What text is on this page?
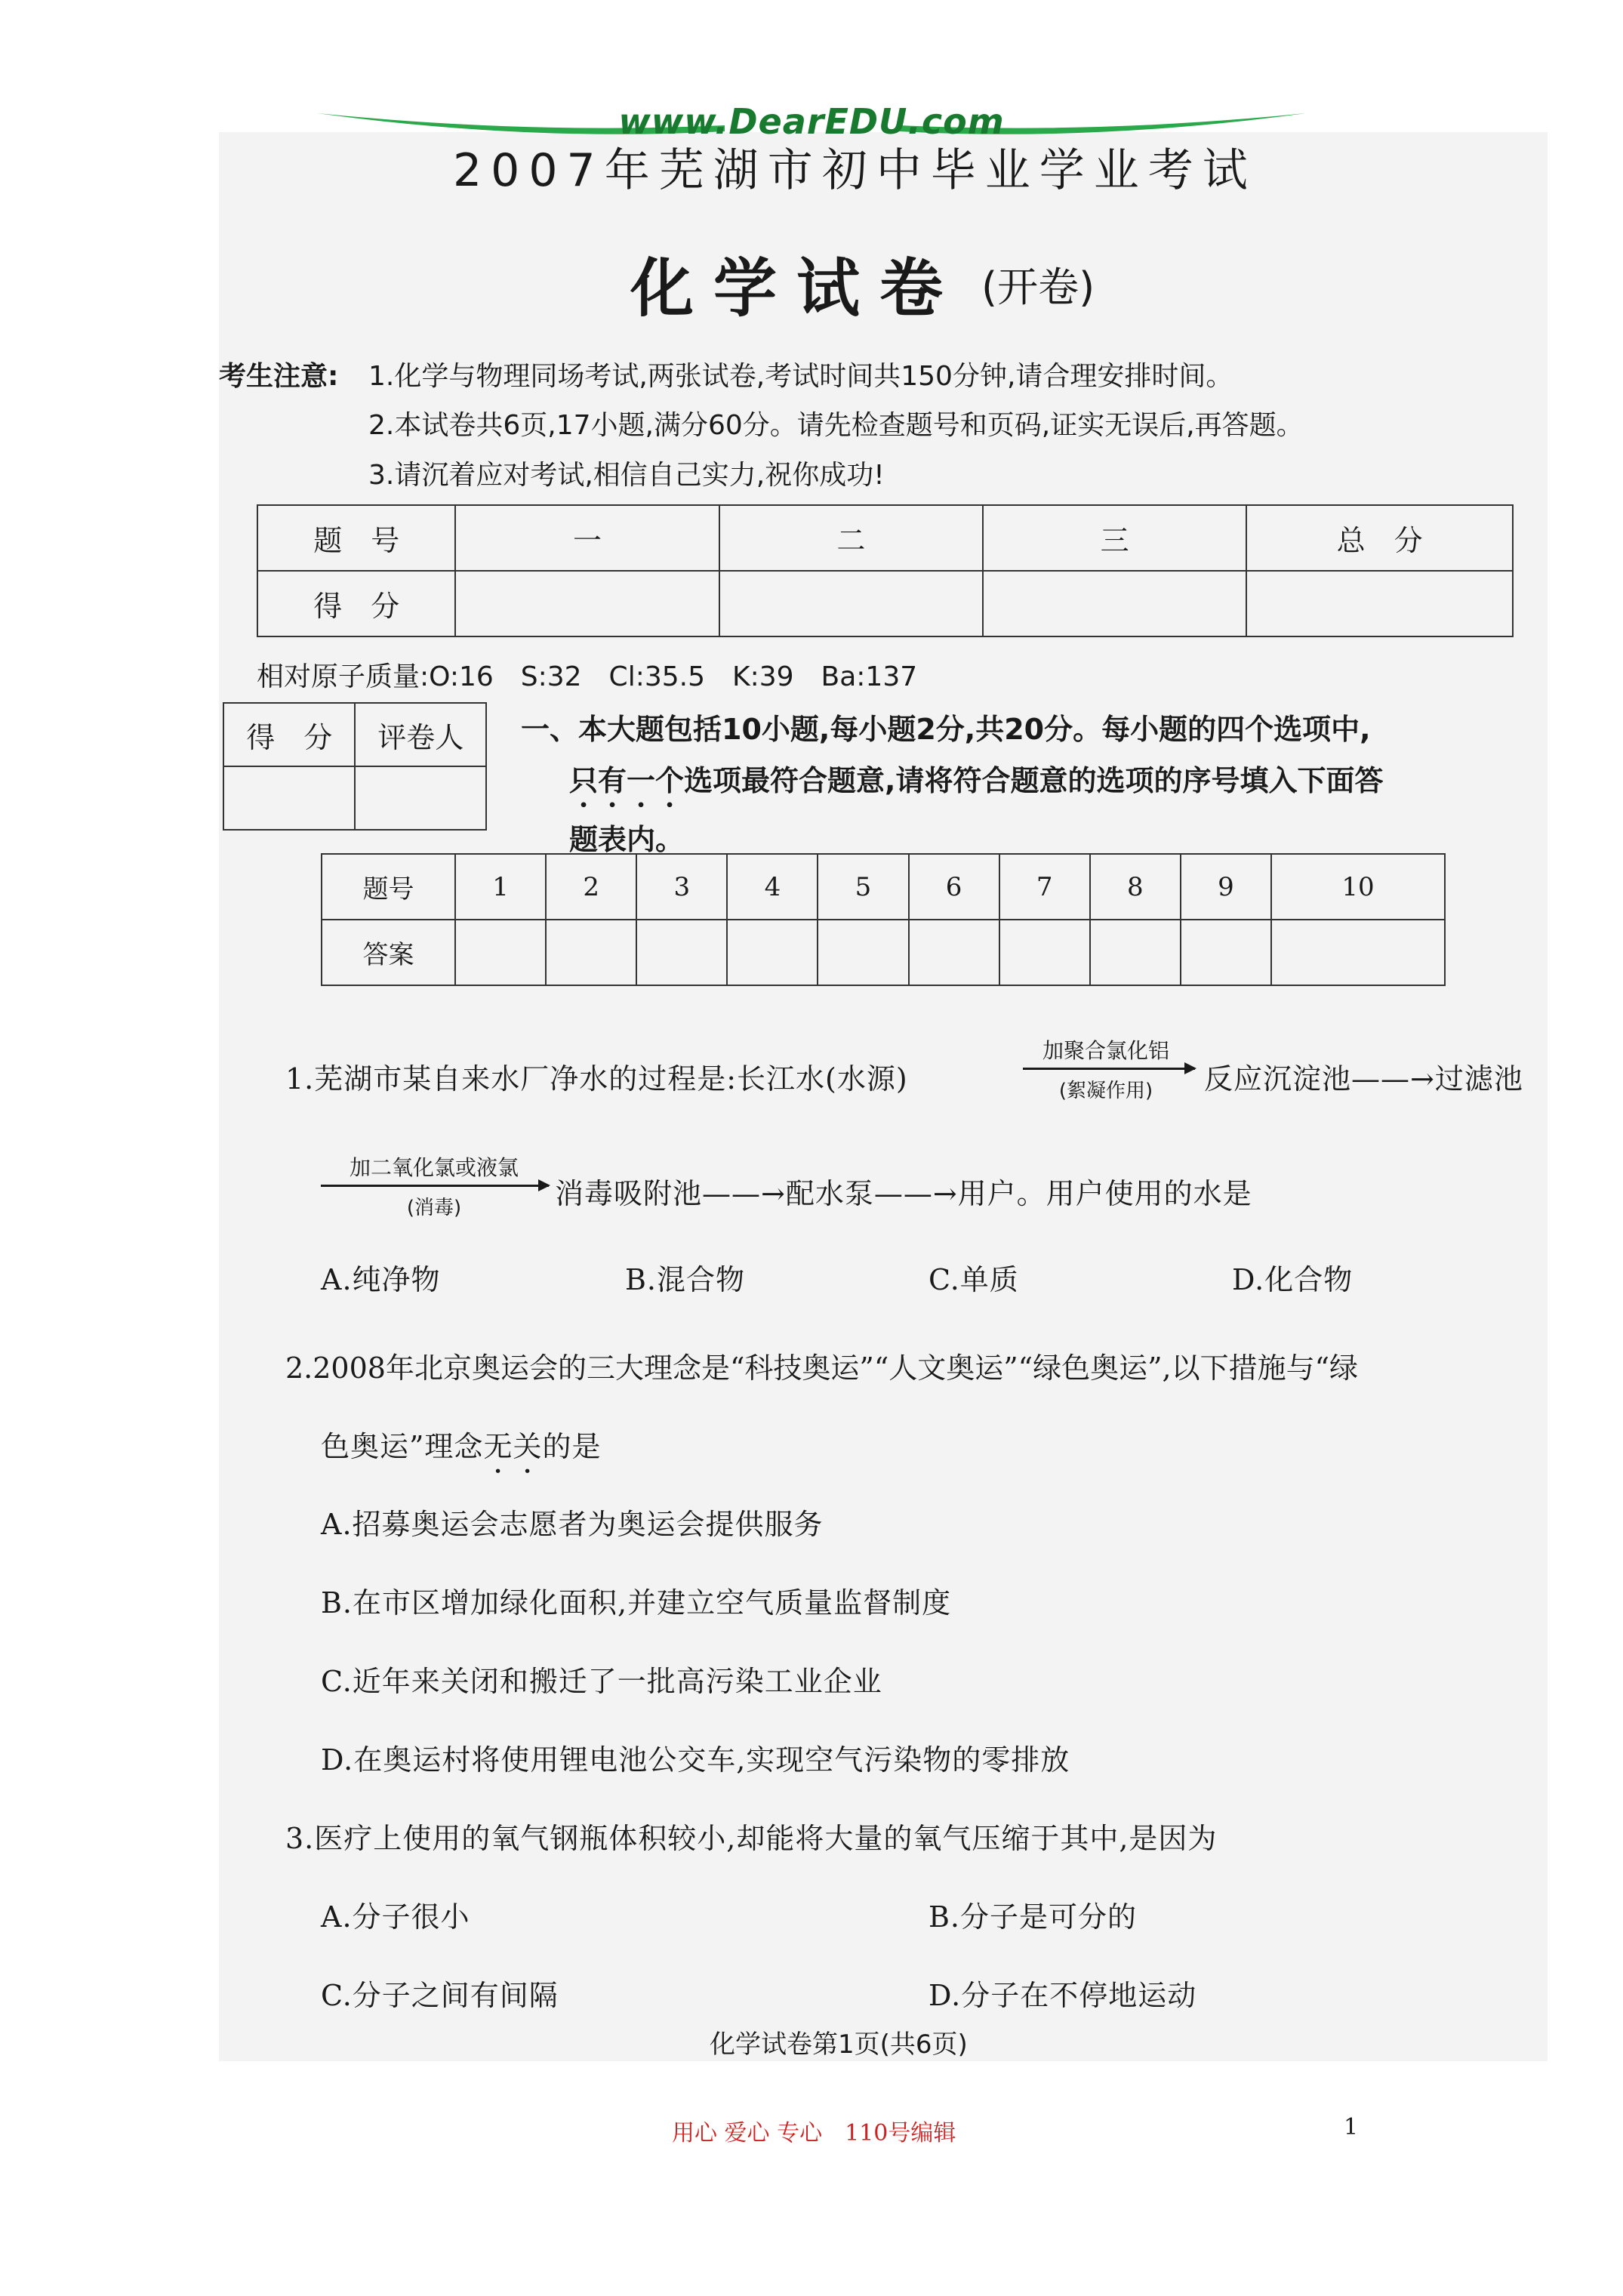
www.DearEDU.com
2007年芜湖市初中毕业学业考试
化学试卷 (开卷)
考生注意: 1.化学与物理同场考试,两张试卷,考试时间共150分钟,请合理安排时间。
2.本试卷共6页,17小题,满分60分。请先检查题号和页码,证实无误后,再答题。
3.请沉着应对考试,相信自己实力,祝你成功!
题　号	一	二	三	总　分
得　分				
相对原子质量:O:16　S:32　Cl:35.5　K:39　Ba:137
得　分	评卷人
	一、本大题包括10小题,每小题2分,共20分。每小题的四个选项中,
只有一个选项最符合题意,请将符合题意的选项的序号填入下面答
题表内。
题号	1	2	3	4	5	6	7	8	9	10
答案										
1.芜湖市某自来水厂净水的过程是:长江水(水源)
加聚合氯化铝
(絮凝作用)	反应沉淀池——→过滤池
加二氧化氯或液氯
(消毒)	消毒吸附池——→配水泵——→用户。用户使用的水是
A.纯净物	B.混合物	C.单质	D.化合物
2.2008年北京奥运会的三大理念是“科技奥运”“人文奥运”“绿色奥运”,以下措施与“绿
色奥运”理念无关的是
A.招募奥运会志愿者为奥运会提供服务
B.在市区增加绿化面积,并建立空气质量监督制度
C.近年来关闭和搬迁了一批高污染工业企业
D.在奥运村将使用锂电池公交车,实现空气污染物的零排放
3.医疗上使用的氧气钢瓶体积较小,却能将大量的氧气压缩于其中,是因为
A.分子很小	B.分子是可分的
C.分子之间有间隔	D.分子在不停地运动
化学试卷第1页(共6页)
用心 爱心 专心　110号编辑	1
